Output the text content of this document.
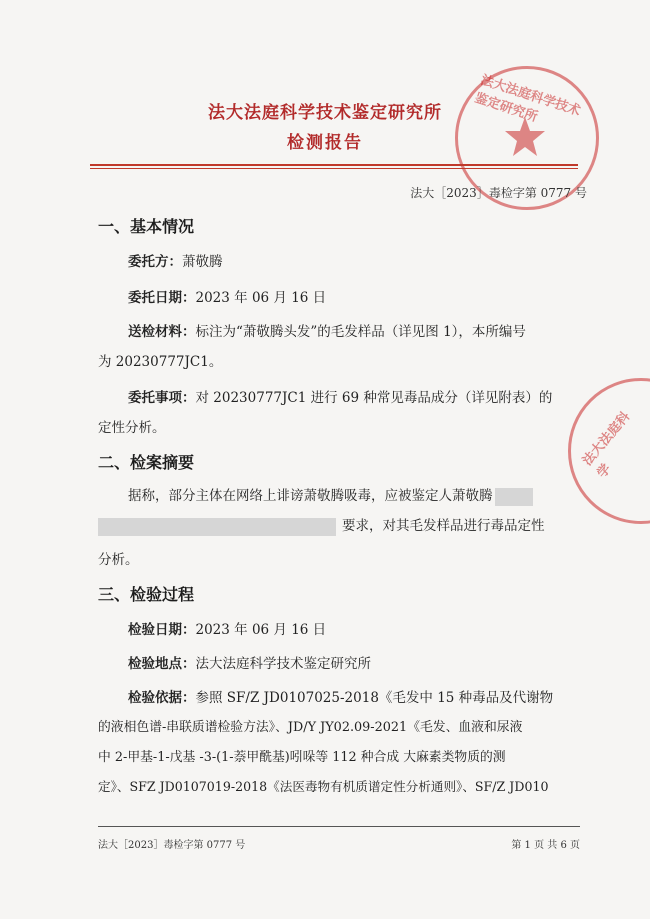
法大法庭科学技术鉴定研究所
法大法庭科学
法大法庭科学技术鉴定研究所
检测报告
法大［2023］毒检字第 0777 号
一、基本情况
委托方：萧敬腾
委托日期：2023 年 06 月 16 日
送检材料：标注为“萧敬腾头发”的毛发样品（详见图 1），本所编号
为 20230777JC1。
委托事项：对 20230777JC1 进行 69 种常见毒品成分（详见附表）的
定性分析。
二、检案摘要
据称，部分主体在网络上诽谤萧敬腾吸毒，应被鉴定人萧敬腾
要求，对其毛发样品进行毒品定性
分析。
三、检验过程
检验日期：2023 年 06 月 16 日
检验地点：法大法庭科学技术鉴定研究所
检验依据：参照 SF/Z JD0107025-2018《毛发中 15 种毒品及代谢物
的液相色谱-串联质谱检验方法》、JD/Y JY02.09-2021《毛发、血液和尿液
中 2-甲基-1-戊基 -3-(1-萘甲酰基)吲哚等 112 种合成 大麻素类物质的测
定》、SFZ JD0107019-2018《法医毒物有机质谱定性分析通则》、SF/Z JD010
法大［2023］毒检字第 0777 号	第 1 页 共 6 页
